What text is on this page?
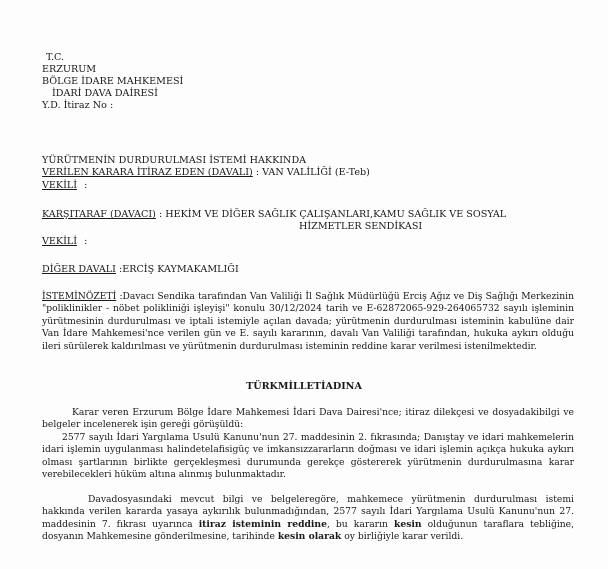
T.C.
ERZURUM
BÖLGE İDARE MAHKEMESİ
İDARİ DAVA DAİRESİ
Y.D. İtiraz No :
YÜRÜTMENİN DURDURULMASI İSTEMİ HAKKINDA
VERİLEN KARARA İTİRAZ EDEN (DAVALI) : VAN VALİLİĞİ (E-Teb)
VEKİLİ :
KARŞITARAF (DAVACI) : HEKİM VE DİĞER SAĞLIK ÇALIŞANLARI,KAMU SAĞLIK VE SOSYAL
HİZMETLER SENDİKASI
VEKİLİ :
DİĞER DAVALI :ERCİŞ KAYMAKAMLIĞI
İSTEMİNÖZETİ :Davacı Sendika tarafından Van Valiliği İl Sağlık Müdürlüğü Erciş Ağız ve Diş Sağlığı Merkezinin "poliklinikler - nöbet polikliniği işleyişi" konulu 30/12/2024 tarih ve E-62872065-929-264065732 sayılı işleminin yürütmesinin durdurulması ve iptali istemiyle açılan davada; yürütmenin durdurulması isteminin kabulüne dair Van İdare Mahkemesi'nce verilen gün ve E. sayılı kararının, davalı Van Valiliği tarafından, hukuka aykırı olduğu ileri sürülerek kaldırılması ve yürütmenin durdurulması isteminin reddine karar verilmesi istenilmektedir.
TÜRKMİLLETİADINA
Karar veren Erzurum Bölge İdare Mahkemesi İdari Dava Dairesi'nce; itiraz dilekçesi ve dosyadakibilgi ve belgeler incelenerek işin gereği görüşüldü:
2577 sayılı İdari Yargılama Usulü Kanunu'nun 27. maddesinin 2. fıkrasında; Danıştay ve idari mahkemelerin idari işlemin uygulanması halindetelafisigüç ve imkansızzararların doğması ve idari işlemin açıkça hukuka aykırı olması şartlarının birlikte gerçekleşmesi durumunda gerekçe göstererek yürütmenin durdurulmasına karar verebilecekleri hüküm altına alınmış bulunmaktadır.
Davadosyasındaki mevcut bilgi ve belgeleregöre, mahkemece yürütmenin durdurulması istemi hakkında verilen kararda yasaya aykırılık bulunmadığından, 2577 sayılı İdari Yargılama Usulü Kanunu'nun 27. maddesinin 7. fıkrası uyarınca itiraz isteminin reddine, bu kararın kesin olduğunun taraflara tebliğine, dosyanın Mahkemesine gönderilmesine, tarihinde kesin olarak oy birliğiyle karar verildi.
